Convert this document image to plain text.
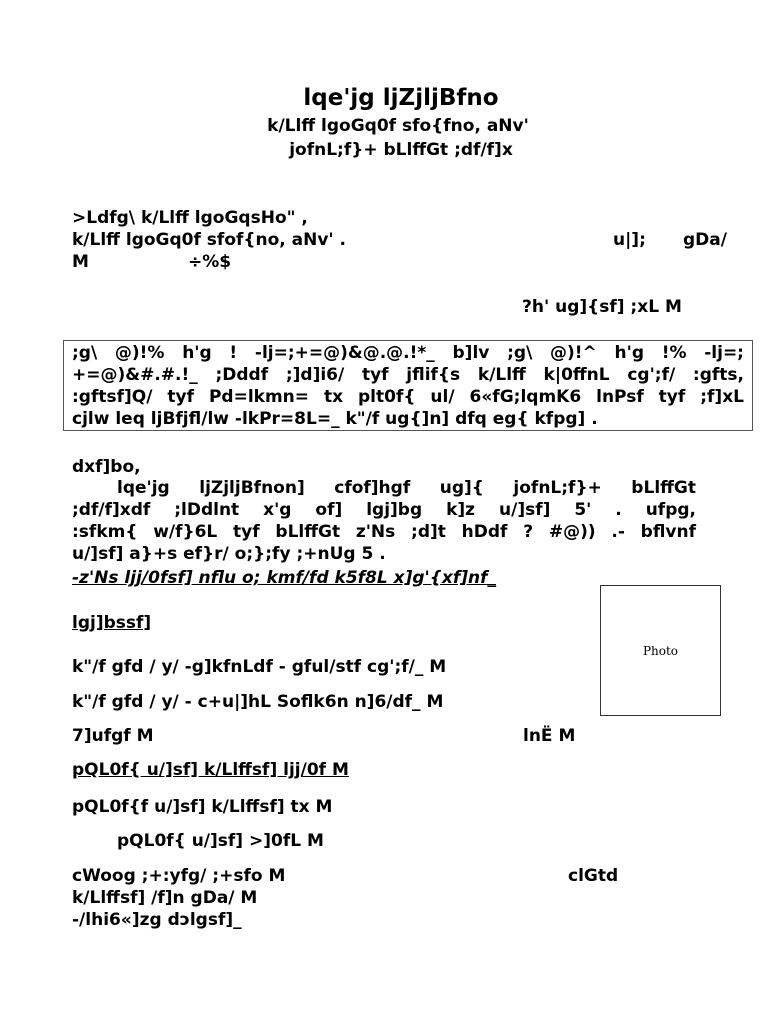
lqe'jg ljZjljBfno
k/Llff lgoGq0f sfo{fno, aNv'
jofnL;f}+ bLlffGt ;df/f]x
>Ldfg\ k/Llff lgoGqsHo" ,
k/Llff lgoGq0f sfof{no, aNv' .	u|]; gDa/
M	÷%$
?h' ug]{sf] ;xL M
;g\ @)!% h'g ! -lj=;+=@)&@.@.!*_ b]lv ;g\ @)!^ h'g !% -lj=;
+=@)&#.#.!_ ;Dddf ;]d]i6/ tyf jflif{s k/Llff k|0ffnL cg';f/ :gfts,
:gftsf]Q/ tyf Pd=lkmn= tx plt0f{ ul/ 6«fG;lqmK6 lnPsf tyf ;f]xL
cjlw leq ljBfjfl/lw -lkPr=8L=_ k"/f ug{]n] dfq eg{ kfpg] .
dxf]bo,
lqe'jg ljZjljBfnon] cfof]hgf ug]{ jofnL;f}+ bLlffGt
;df/f]xdf ;lDdlnt x'g of] lgj]bg k]z u/]sf] 5' . ufpg,
:sfkm{ w/f}6L tyf bLlffGt z'Ns ;d]t hDdf ? #@)) .- bflvnf
u/]sf] a}+s ef}r/ o;};fy ;+nUg 5 .
-z'Ns ljj/0fsf] nflu o; kmf/fd k5f8L x]g'{xf]nf_
lgj]bssf]
k"/f gfd / y/ -g]kfnLdf - gful/stf cg';f/_ M
k"/f gfd / y/ - c+u|]hL Soflk6n n]6/df_ M
7]ufgf M	lnË M
pQL0f{ u/]sf] k/Llffsf] ljj/0f M
pQL0f{f u/]sf] k/Llffsf] tx M
pQL0f{ u/]sf] >]0fL M
cWoog ;+:yfg/ ;+sfo M	clGtd
k/Llffsf] /f]n gDa/ M
-/lhi6«]zg dɔlgsf]_
Photo
